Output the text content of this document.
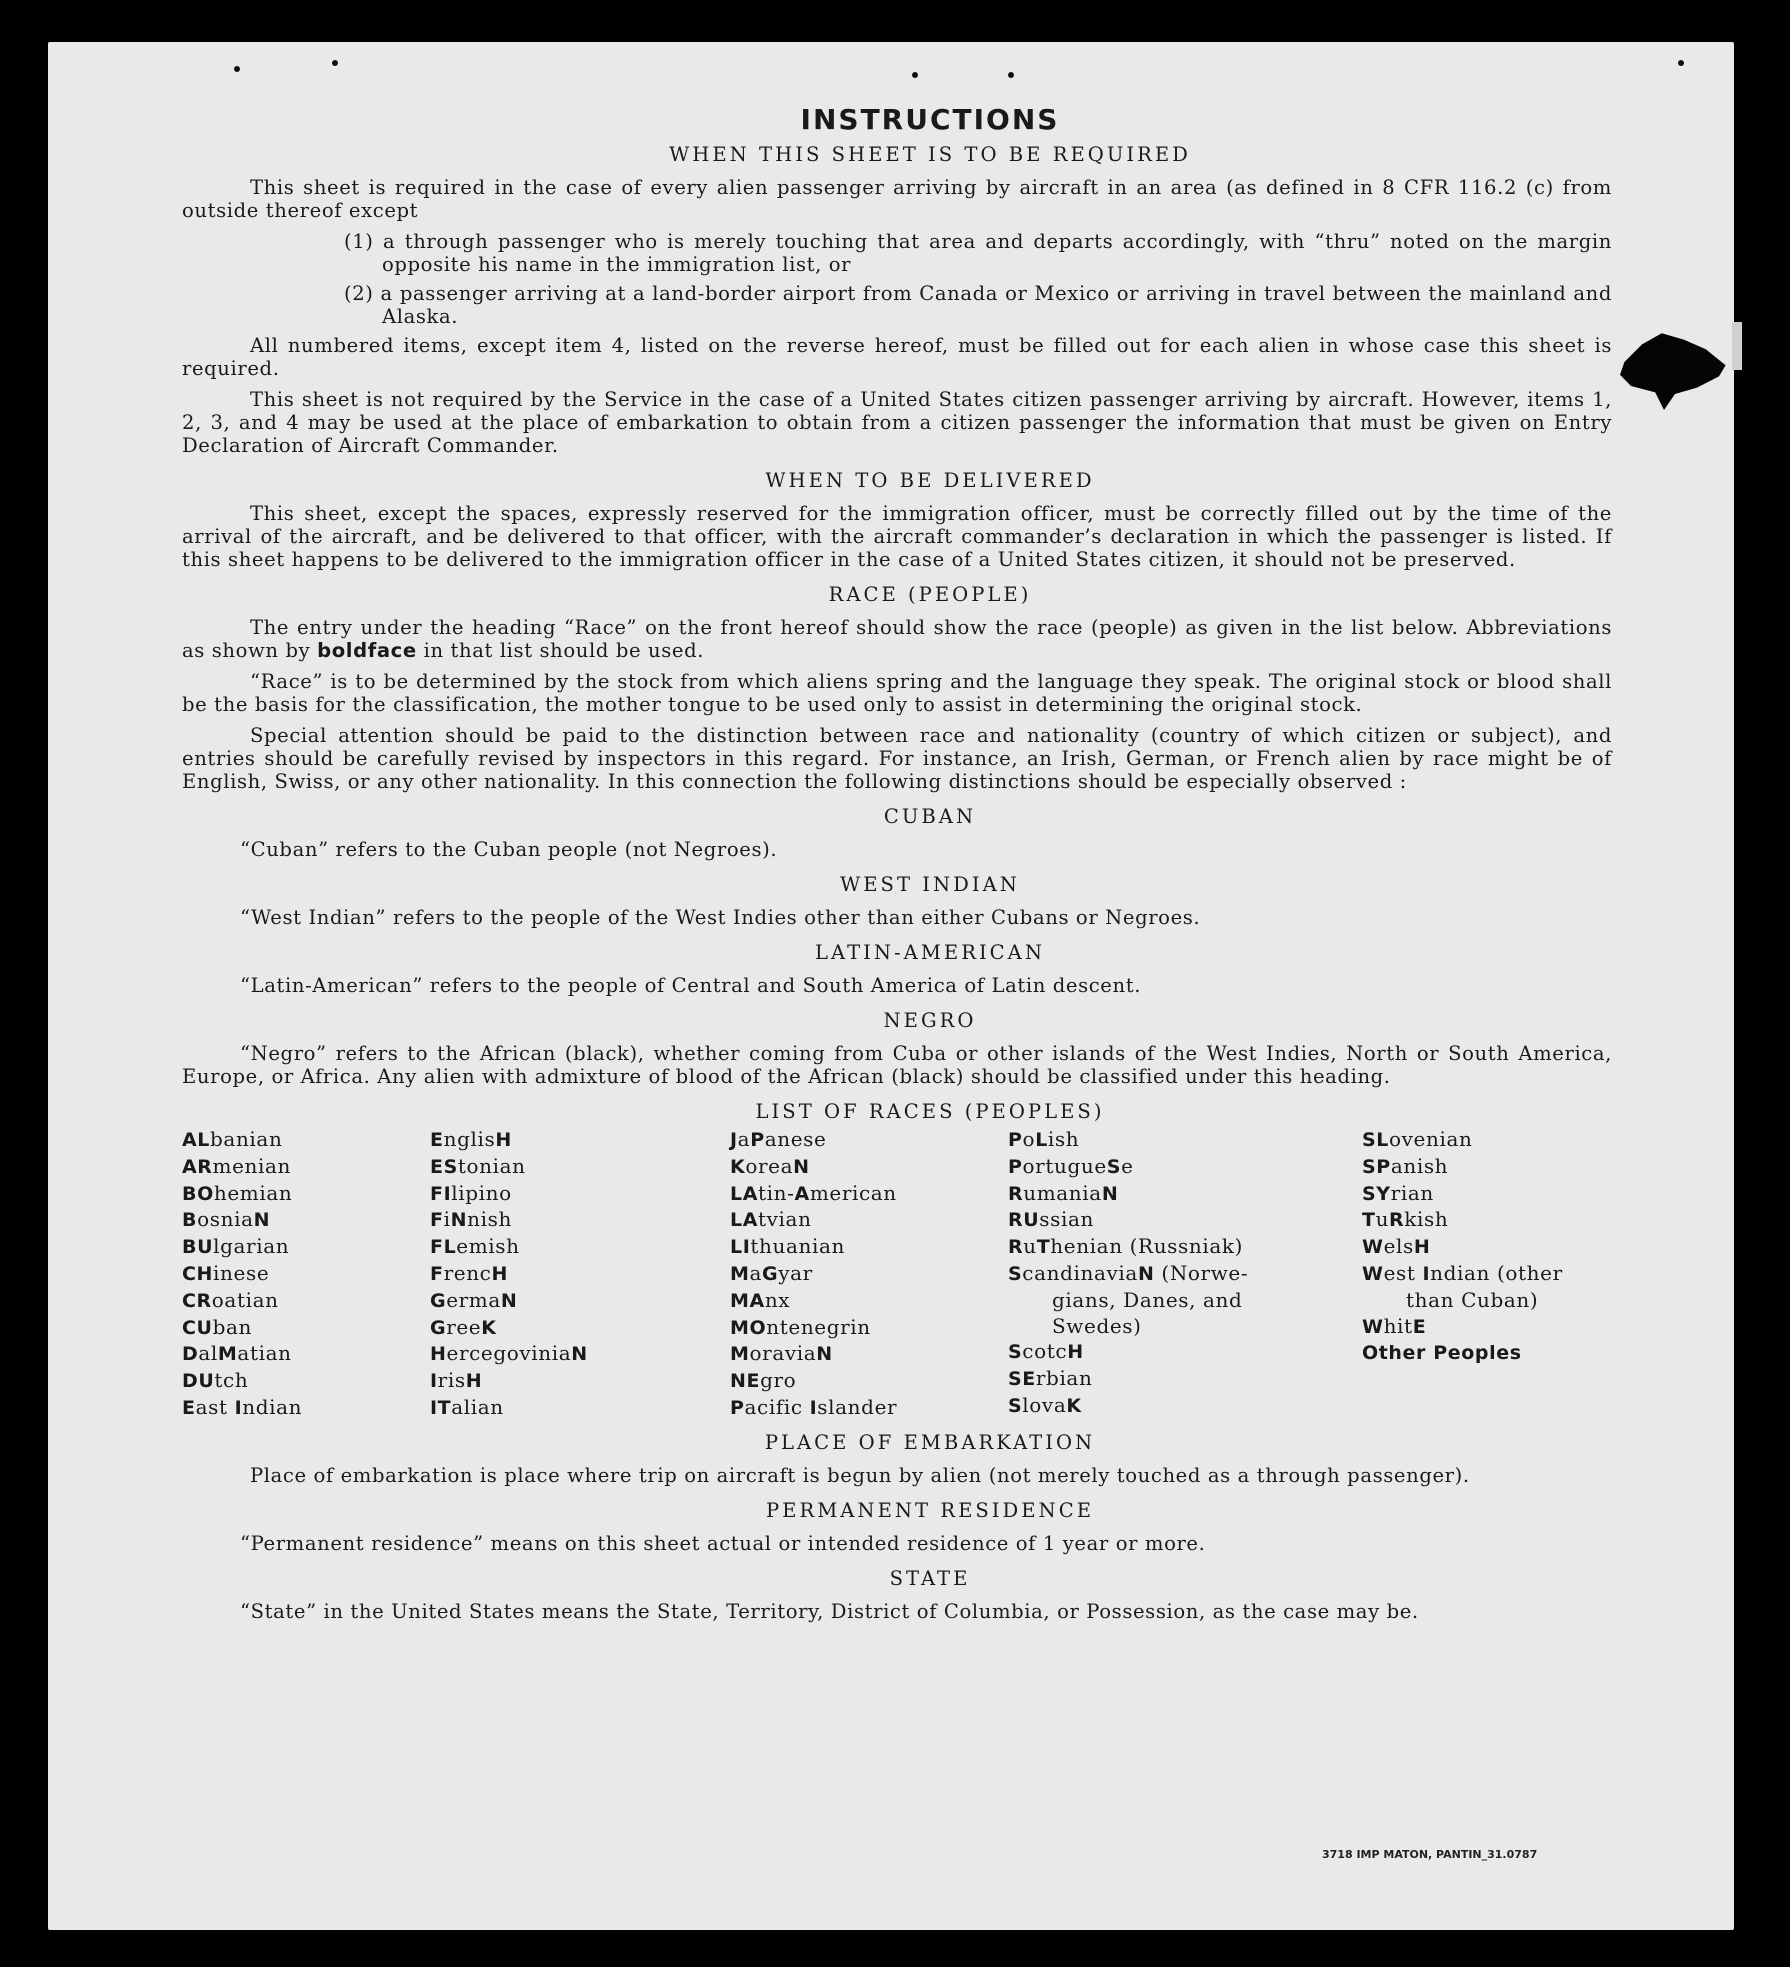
INSTRUCTIONS
WHEN THIS SHEET IS TO BE REQUIRED
This sheet is required in the case of every alien passenger arriving by aircraft in an area (as defined in 8 CFR 116.2 (c) from outside thereof except
(1) a through passenger who is merely touching that area and departs accordingly, with “thru” noted on the margin opposite his name in the immigration list, or
(2) a passenger arriving at a land-border airport from Canada or Mexico or arriving in travel between the mainland and Alaska.
All numbered items, except item 4, listed on the reverse hereof, must be filled out for each alien in whose case this sheet is required.
This sheet is not required by the Service in the case of a United States citizen passenger arriving by aircraft. However, items 1, 2, 3, and 4 may be used at the place of embarkation to obtain from a citizen passenger the information that must be given on Entry Declaration of Aircraft Commander.
WHEN TO BE DELIVERED
This sheet, except the spaces, expressly reserved for the immigration officer, must be correctly filled out by the time of the arrival of the aircraft, and be delivered to that officer, with the aircraft commander’s declaration in which the passenger is listed. If this sheet happens to be delivered to the immigration officer in the case of a United States citizen, it should not be preserved.
RACE (PEOPLE)
The entry under the heading “Race” on the front hereof should show the race (people) as given in the list below. Abbreviations as shown by boldface in that list should be used.
“Race” is to be determined by the stock from which aliens spring and the language they speak. The original stock or blood shall be the basis for the classification, the mother tongue to be used only to assist in determining the original stock.
Special attention should be paid to the distinction between race and nationality (country of which citizen or subject), and entries should be carefully revised by inspectors in this regard. For instance, an Irish, German, or French alien by race might be of English, Swiss, or any other nationality. In this connection the following distinctions should be especially observed :
CUBAN
“Cuban” refers to the Cuban people (not Negroes).
WEST INDIAN
“West Indian” refers to the people of the West Indies other than either Cubans or Negroes.
LATIN-AMERICAN
“Latin-American” refers to the people of Central and South America of Latin descent.
NEGRO
“Negro” refers to the African (black), whether coming from Cuba or other islands of the West Indies, North or South America, Europe, or Africa. Any alien with admixture of blood of the African (black) should be classified under this heading.
LIST OF RACES (PEOPLES)
ALbanian
ARmenian
BOhemian
BosniaN
BUlgarian
CHinese
CRoatian
CUban
DalMatian
DUtch
East Indian
EnglisH
EStonian
FIlipino
FiNnish
FLemish
FrencH
GermaN
GreeK
HercegoviniaN
IrisH
ITalian
JaPanese
KoreaN
LAtin-American
LAtvian
LIthuanian
MaGyar
MAnx
MOntenegrin
MoraviaN
NEgro
Pacific Islander
PoLish
PortugueSe
RumaniaN
RUssian
RuThenian (Russniak)
ScandinaviaN (Norwe-
gians, Danes, and
Swedes)
ScotcH
SErbian
SlovaK
SLovenian
SPanish
SYrian
TuRkish
WelsH
West Indian (other
than Cuban)
WhitE
Other Peoples
PLACE OF EMBARKATION
Place of embarkation is place where trip on aircraft is begun by alien (not merely touched as a through passenger).
PERMANENT RESIDENCE
“Permanent residence” means on this sheet actual or intended residence of 1 year or more.
STATE
“State” in the United States means the State, Territory, District of Columbia, or Possession, as the case may be.
3718 IMP MATON, PANTIN_31.0787
